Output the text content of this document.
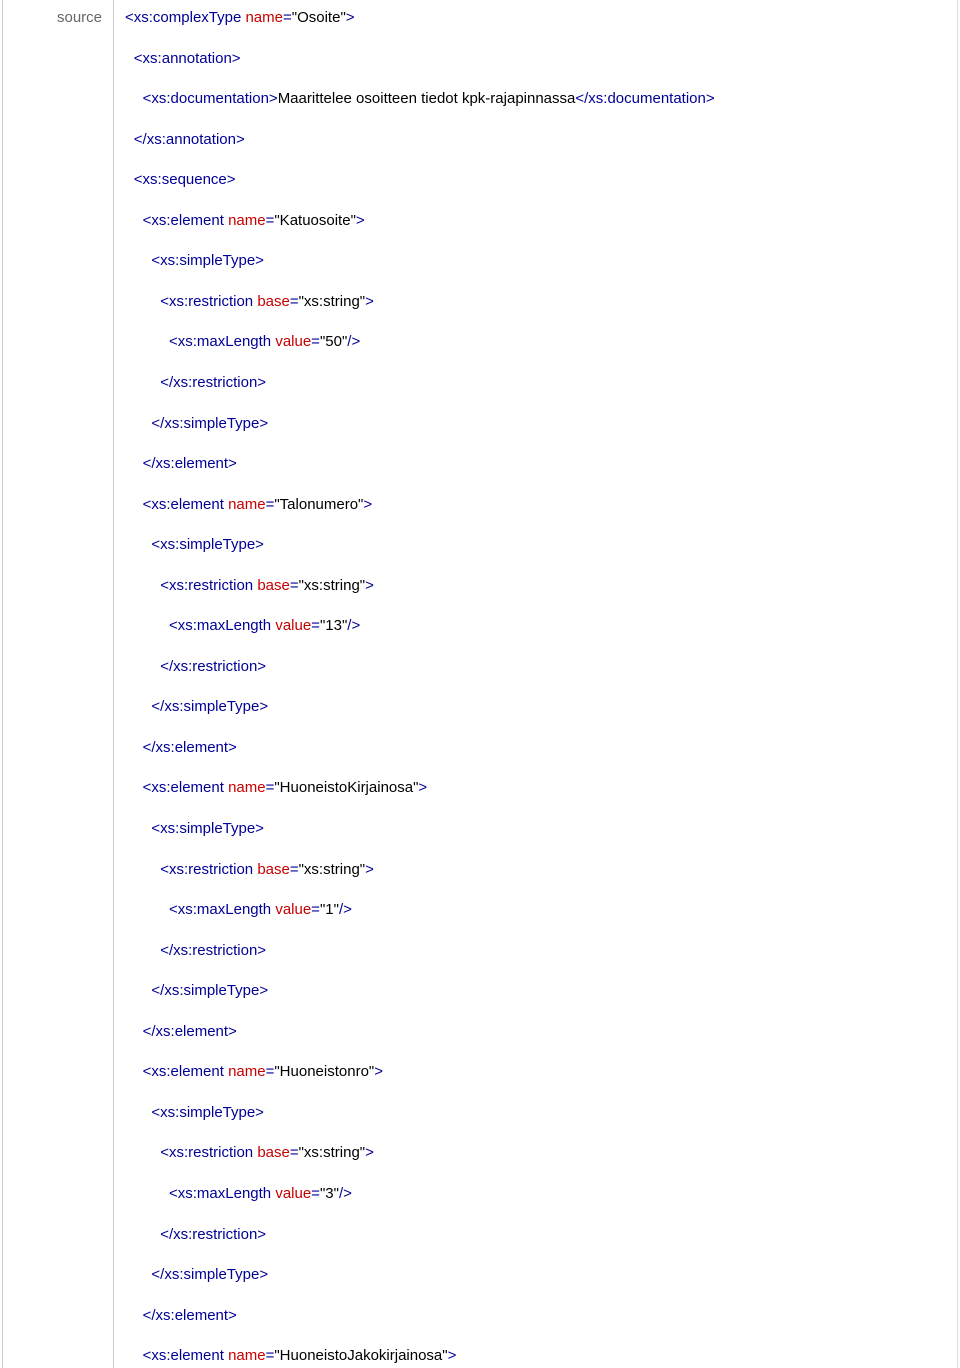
source <xs:complexType name="Osoite">
<xs:annotation>
<xs:documentation>Maarittelee osoitteen tiedot kpk-rajapinnassa</xs:documentation>
</xs:annotation>
<xs:sequence>
<xs:element name="Katuosoite">
<xs:simpleType>
<xs:restriction base="xs:string">
<xs:maxLength value="50"/>
</xs:restriction>
</xs:simpleType>
</xs:element>
<xs:element name="Talonumero">
<xs:simpleType>
<xs:restriction base="xs:string">
<xs:maxLength value="13"/>
</xs:restriction>
</xs:simpleType>
</xs:element>
<xs:element name="HuoneistoKirjainosa">
<xs:simpleType>
<xs:restriction base="xs:string">
<xs:maxLength value="1"/>
</xs:restriction>
</xs:simpleType>
</xs:element>
<xs:element name="Huoneistonro">
<xs:simpleType>
<xs:restriction base="xs:string">
<xs:maxLength value="3"/>
</xs:restriction>
</xs:simpleType>
</xs:element>
<xs:element name="HuoneistoJakokirjainosa">
